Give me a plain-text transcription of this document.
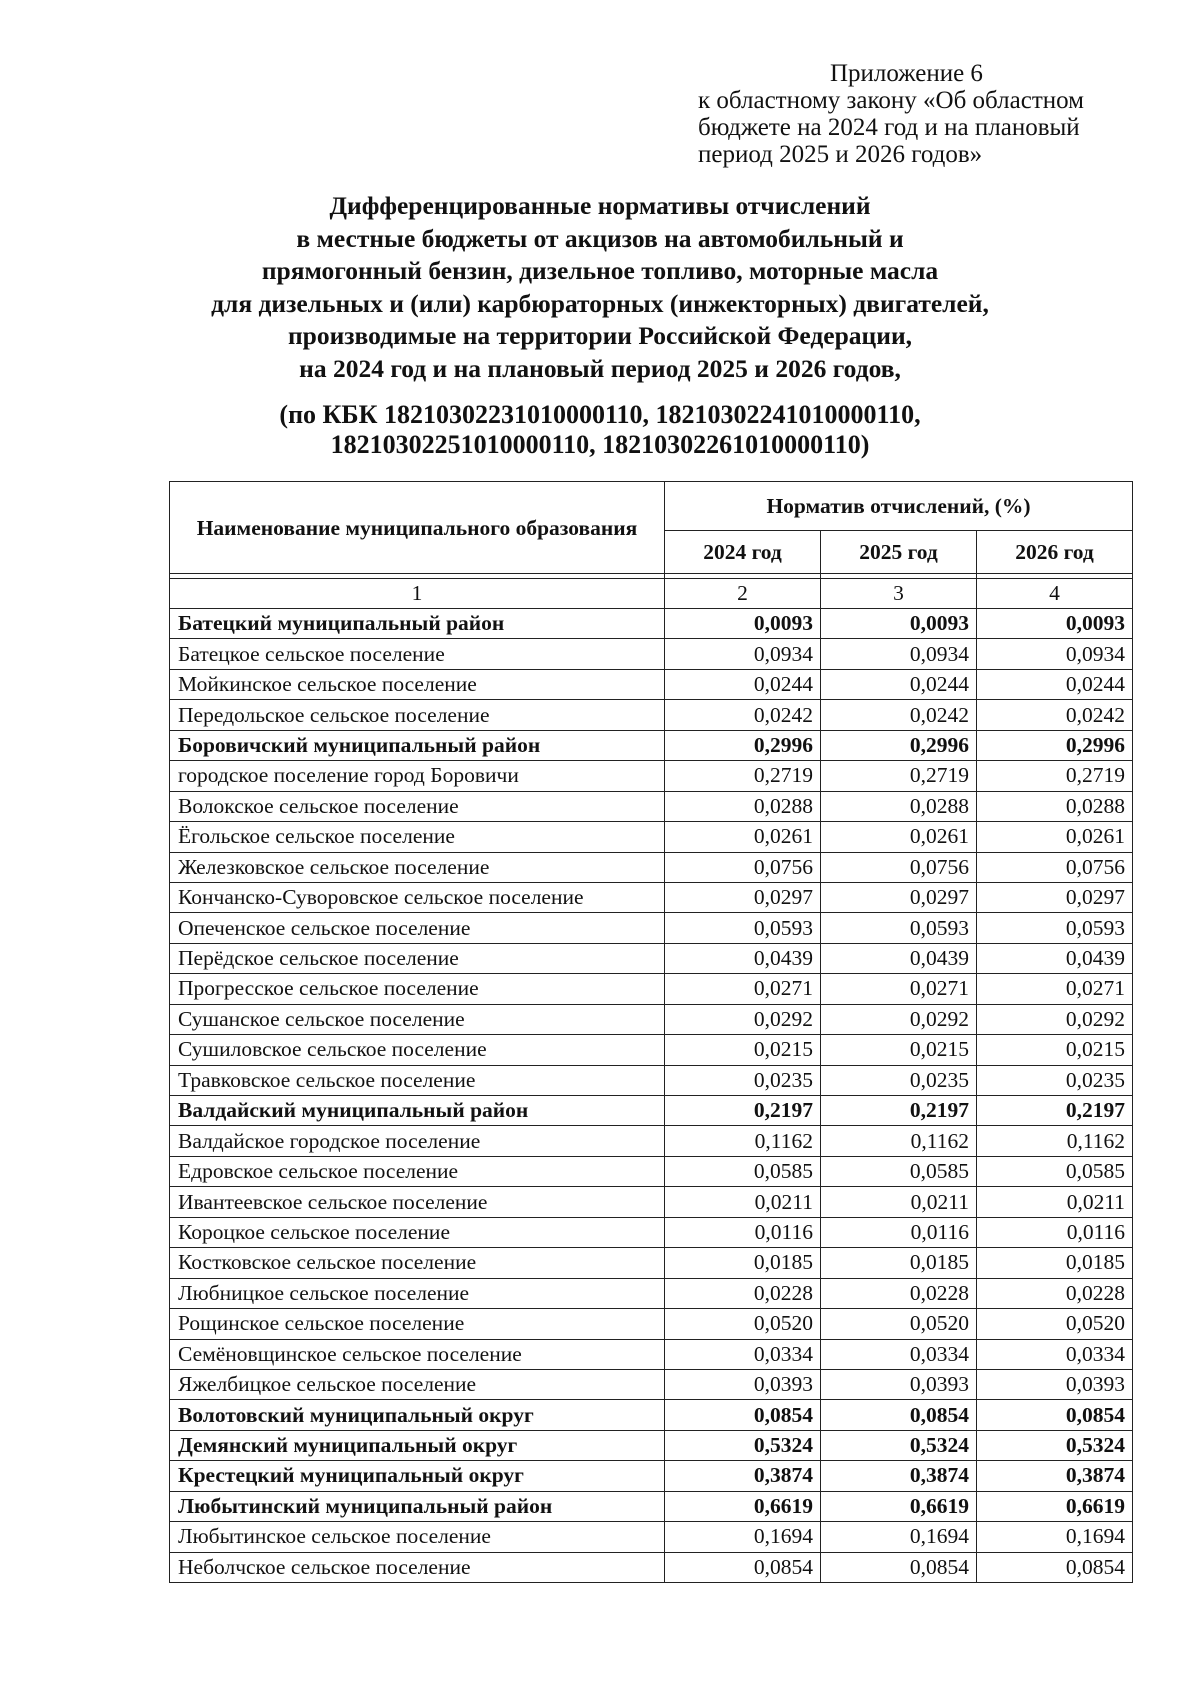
Приложение 6
к областному закону «Об областном
бюджете на 2024 год и на плановый
период 2025 и 2026 годов»
Дифференцированные нормативы отчислений
в местные бюджеты от акцизов на автомобильный и
прямогонный бензин, дизельное топливо, моторные масла
для дизельных и (или) карбюраторных (инжекторных) двигателей,
производимые на территории Российской Федерации,
на 2024 год и на плановый период 2025 и 2026 годов,
(по КБК 18210302231010000110, 18210302241010000110,
18210302251010000110, 18210302261010000110)
Наименование муниципального образования	Норматив отчислений, (%)		
	2024 год	2025 год	2026 год

1	2	3	4
Батецкий муниципальный район	0,0093	0,0093	0,0093
Батецкое сельское поселение	0,0934	0,0934	0,0934
Мойкинское сельское поселение	0,0244	0,0244	0,0244
Передольское сельское поселение	0,0242	0,0242	0,0242
Боровичский муниципальный район	0,2996	0,2996	0,2996
городское поселение город Боровичи	0,2719	0,2719	0,2719
Волокское сельское поселение	0,0288	0,0288	0,0288
Ёгольское сельское поселение	0,0261	0,0261	0,0261
Железковское сельское поселение	0,0756	0,0756	0,0756
Кончанско-Суворовское сельское поселение	0,0297	0,0297	0,0297
Опеченское сельское поселение	0,0593	0,0593	0,0593
Перёдское сельское поселение	0,0439	0,0439	0,0439
Прогресское сельское поселение	0,0271	0,0271	0,0271
Сушанское сельское поселение	0,0292	0,0292	0,0292
Сушиловское сельское поселение	0,0215	0,0215	0,0215
Травковское сельское поселение	0,0235	0,0235	0,0235
Валдайский муниципальный район	0,2197	0,2197	0,2197
Валдайское городское поселение	0,1162	0,1162	0,1162
Едровское сельское поселение	0,0585	0,0585	0,0585
Ивантеевское сельское поселение	0,0211	0,0211	0,0211
Короцкое сельское поселение	0,0116	0,0116	0,0116
Костковское сельское поселение	0,0185	0,0185	0,0185
Любницкое сельское поселение	0,0228	0,0228	0,0228
Рощинское сельское поселение	0,0520	0,0520	0,0520
Семёновщинское сельское поселение	0,0334	0,0334	0,0334
Яжелбицкое сельское поселение	0,0393	0,0393	0,0393
Волотовский муниципальный округ	0,0854	0,0854	0,0854
Демянский муниципальный округ	0,5324	0,5324	0,5324
Крестецкий муниципальный округ	0,3874	0,3874	0,3874
Любытинский муниципальный район	0,6619	0,6619	0,6619
Любытинское сельское поселение	0,1694	0,1694	0,1694
Неболчское сельское поселение	0,0854	0,0854	0,0854
